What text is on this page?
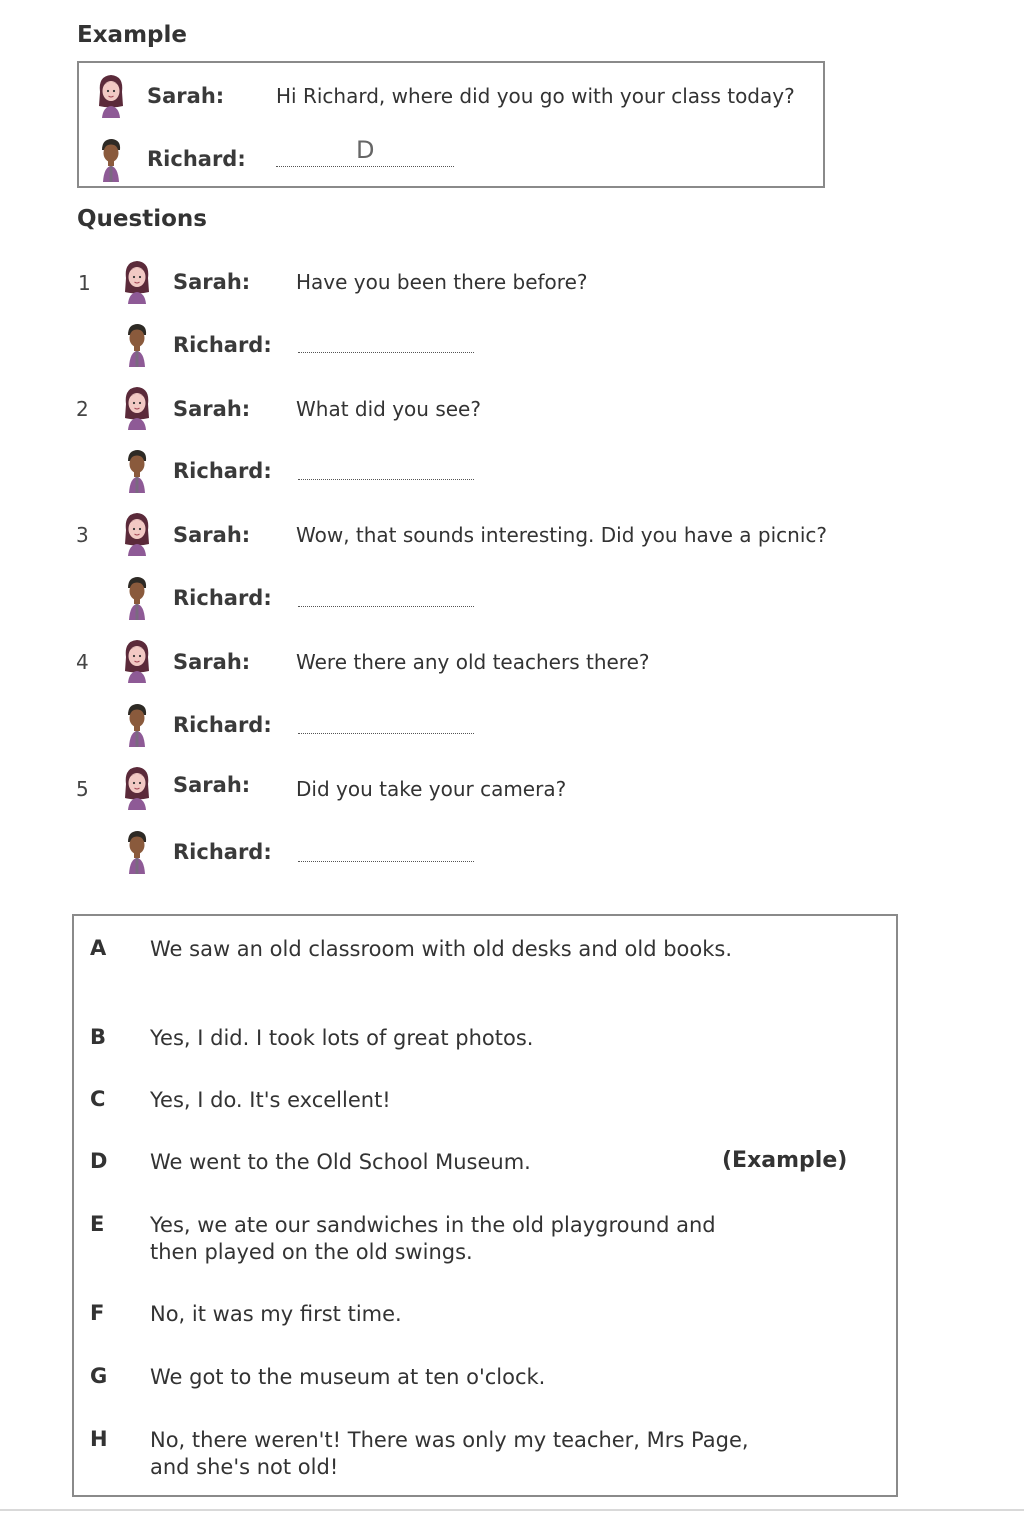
Example
Sarah:	Hi Richard, where did you go with your class today?
Richard:	D
Questions
1	Sarah: Have you been there before?
Richard:
2	Sarah: What did you see?
Richard:
3	Sarah: Wow, that sounds interesting. Did you have a picnic?
Richard:
4	Sarah: Were there any old teachers there?
Richard:
5	Sarah: Did you take your camera?
Richard:
A We saw an old classroom with old desks and old books.
B Yes, I did. I took lots of great photos.
C Yes, I do. It's excellent!
D We went to the Old School Museum.	(Example)
E Yes, we ate our sandwiches in the old playground and then played on the old swings.
F No, it was my first time.
G We got to the museum at ten o'clock.
H No, there weren't! There was only my teacher, Mrs Page, and she's not old!
